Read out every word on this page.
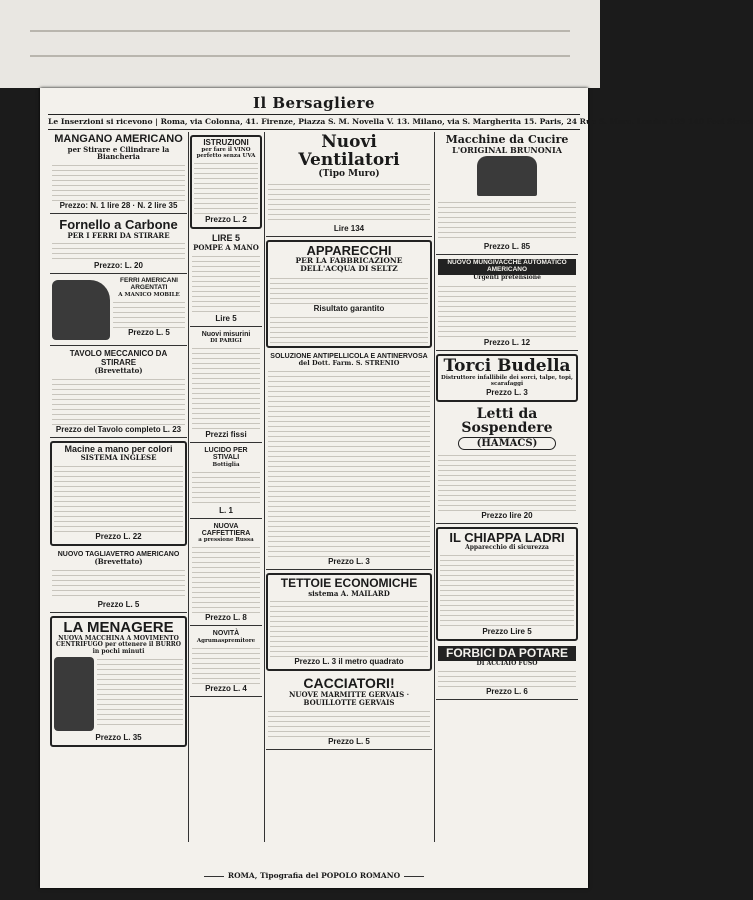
Il Bersagliere
Le Inserzioni si ricevono | Roma, via Colonna, 41. Firenze, Piazza S. M. Novella V. 13. Milano, via S. Margherita 15. Paris, 24 Rue S. Marc. Londra 139 140 Feet Street
MANGANO AMERICANO
per Stirare e Cilindrare la Biancheria
Prezzo: N. 1 lire 28 · N. 2 lire 35
Fornello a Carbone
PER I FERRI DA STIRARE
Prezzo: L. 20
FERRI AMERICANI ARGENTATI
A MANICO MOBILE
Prezzo L. 5
TAVOLO MECCANICO DA STIRARE
(Brevettato)
Prezzo del Tavolo completo L. 23
Macine a mano per colori
SISTEMA INGLESE
Prezzo L. 22
NUOVO TAGLIAVETRO AMERICANO
(Brevettato)
Prezzo L. 5
LA MENAGERE
NUOVA MACCHINA A MOVIMENTO CENTRIFUGO per ottenere il BURRO in pochi minuti
Prezzo L. 35
ISTRUZIONI
per fare il VINO perfetto senza UVA
Prezzo L. 2
LIRE 5
POMPE A MANO
Lire 5
Nuovi misurini
DI PARIGI
Prezzi fissi
LUCIDO PER STIVALI
Bottiglia
L. 1
NUOVA CAFFETTIERA
a pressione Russa
Prezzo L. 8
NOVITÀ
Agrumaspremitore
Prezzo L. 4
Nuovi Ventilatori
(Tipo Muro)
Lire 134
APPARECCHI
PER LA FABBRICAZIONE DELL'ACQUA DI SELTZ
Risultato garantito
SOLUZIONE ANTIPELLICOLA E ANTINERVOSA
del Dott. Farm. S. STRENIO
Prezzo L. 3
TETTOIE ECONOMICHE
sistema A. MAILARD
Prezzo L. 3 il metro quadrato
CACCIATORI!
NUOVE MARMITTE GERVAIS · BOUILLOTTE GERVAIS
Prezzo L. 5
Macchine da Cucire
L'ORIGINAL BRUNONIA
Prezzo L. 85
NUOVO MUNGIVACCHE AUTOMATICO AMERICANO
Urgenti pretensione
Prezzo L. 12
Torci Budella
Distruttore infallibile dei sorci, talpe, topi, scarafaggi
Prezzo L. 3
Letti da Sospendere
(HAMACS)
Prezzo lire 20
IL CHIAPPA LADRI
Apparecchio di sicurezza
Prezzo Lire 5
FORBICI DA POTARE
DI ACCIAIO FUSO
Prezzo L. 6
ROMA, Tipografia del POPOLO ROMANO
